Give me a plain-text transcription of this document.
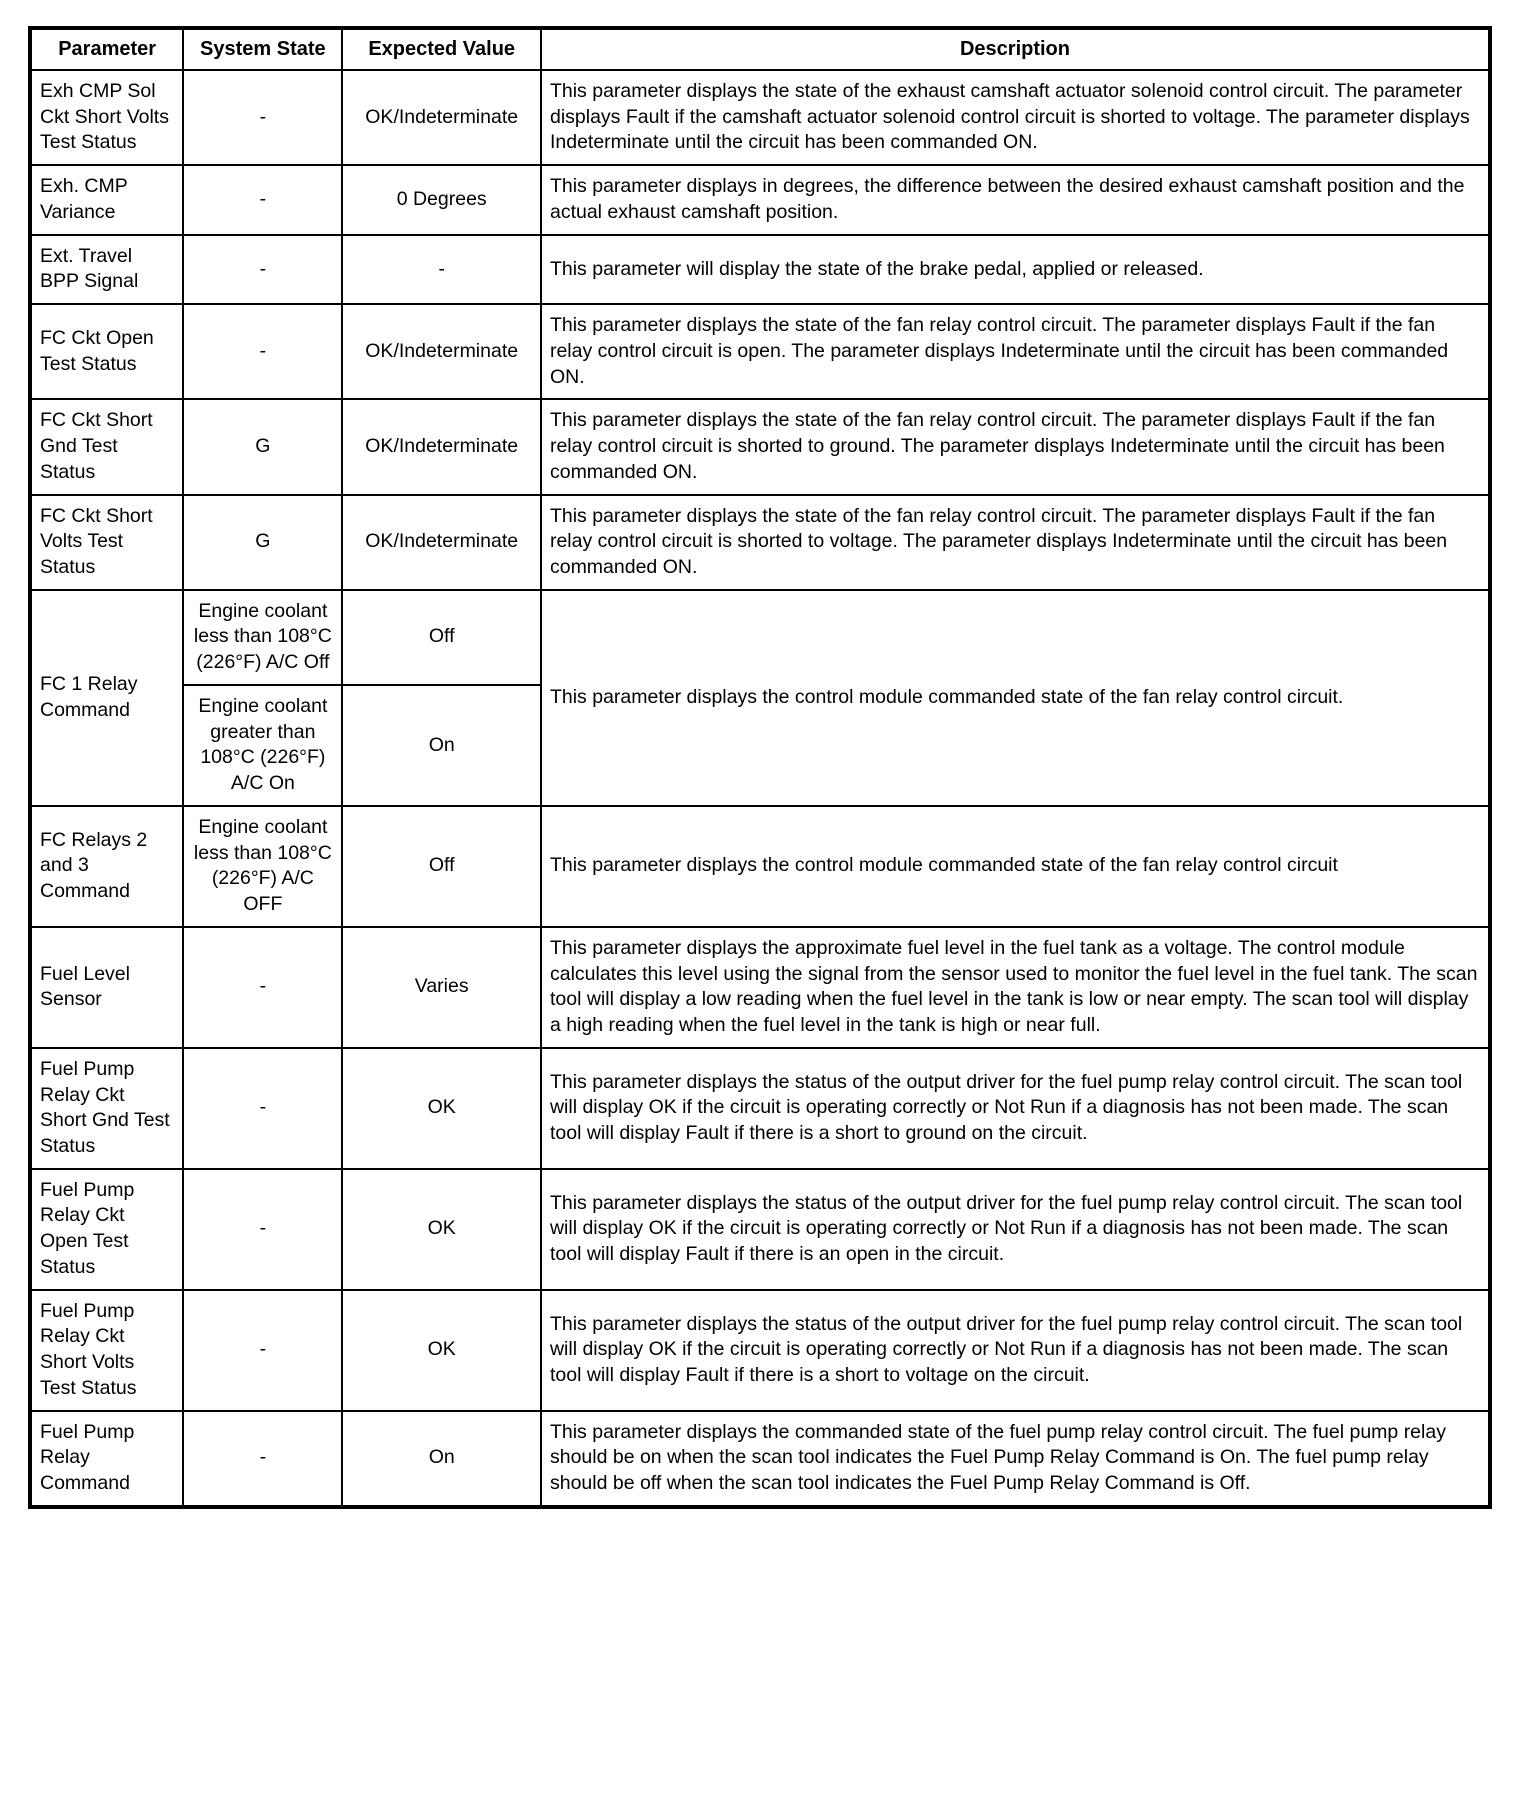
Parameter	System State	Expected Value	Description
Exh CMP Sol Ckt Short Volts Test Status	-	OK/Indeterminate	This parameter displays the state of the exhaust camshaft actuator solenoid control circuit. The parameter displays Fault if the camshaft actuator solenoid control circuit is shorted to voltage. The parameter displays Indeterminate until the circuit has been commanded ON.
Exh. CMP Variance	-	0 Degrees	This parameter displays in degrees, the difference between the desired exhaust camshaft position and the actual exhaust camshaft position.
Ext. Travel BPP Signal	-	-	This parameter will display the state of the brake pedal, applied or released.
FC Ckt Open Test Status	-	OK/Indeterminate	This parameter displays the state of the fan relay control circuit. The parameter displays Fault if the fan relay control circuit is open. The parameter displays Indeterminate until the circuit has been commanded ON.
FC Ckt Short Gnd Test Status	G	OK/Indeterminate	This parameter displays the state of the fan relay control circuit. The parameter displays Fault if the fan relay control circuit is shorted to ground. The parameter displays Indeterminate until the circuit has been commanded ON.
FC Ckt Short Volts Test Status	G	OK/Indeterminate	This parameter displays the state of the fan relay control circuit. The parameter displays Fault if the fan relay control circuit is shorted to voltage. The parameter displays Indeterminate until the circuit has been commanded ON.
FC 1 Relay Command	Engine coolant less than 108°C (226°F) A/C Off	Off	This parameter displays the control module commanded state of the fan relay control circuit.
	Engine coolant greater than 108°C (226°F) A/C On	On	
FC Relays 2 and 3 Command	Engine coolant less than 108°C (226°F) A/C OFF	Off	This parameter displays the control module commanded state of the fan relay control circuit
Fuel Level Sensor	-	Varies	This parameter displays the approximate fuel level in the fuel tank as a voltage. The control module calculates this level using the signal from the sensor used to monitor the fuel level in the fuel tank. The scan tool will display a low reading when the fuel level in the tank is low or near empty. The scan tool will display a high reading when the fuel level in the tank is high or near full.
Fuel Pump Relay Ckt Short Gnd Test Status	-	OK	This parameter displays the status of the output driver for the fuel pump relay control circuit. The scan tool will display OK if the circuit is operating correctly or Not Run if a diagnosis has not been made. The scan tool will display Fault if there is a short to ground on the circuit.
Fuel Pump Relay Ckt Open Test Status	-	OK	This parameter displays the status of the output driver for the fuel pump relay control circuit. The scan tool will display OK if the circuit is operating correctly or Not Run if a diagnosis has not been made. The scan tool will display Fault if there is an open in the circuit.
Fuel Pump Relay Ckt Short Volts Test Status	-	OK	This parameter displays the status of the output driver for the fuel pump relay control circuit. The scan tool will display OK if the circuit is operating correctly or Not Run if a diagnosis has not been made. The scan tool will display Fault if there is a short to voltage on the circuit.
Fuel Pump Relay Command	-	On	This parameter displays the commanded state of the fuel pump relay control circuit. The fuel pump relay should be on when the scan tool indicates the Fuel Pump Relay Command is On. The fuel pump relay should be off when the scan tool indicates the Fuel Pump Relay Command is Off.
